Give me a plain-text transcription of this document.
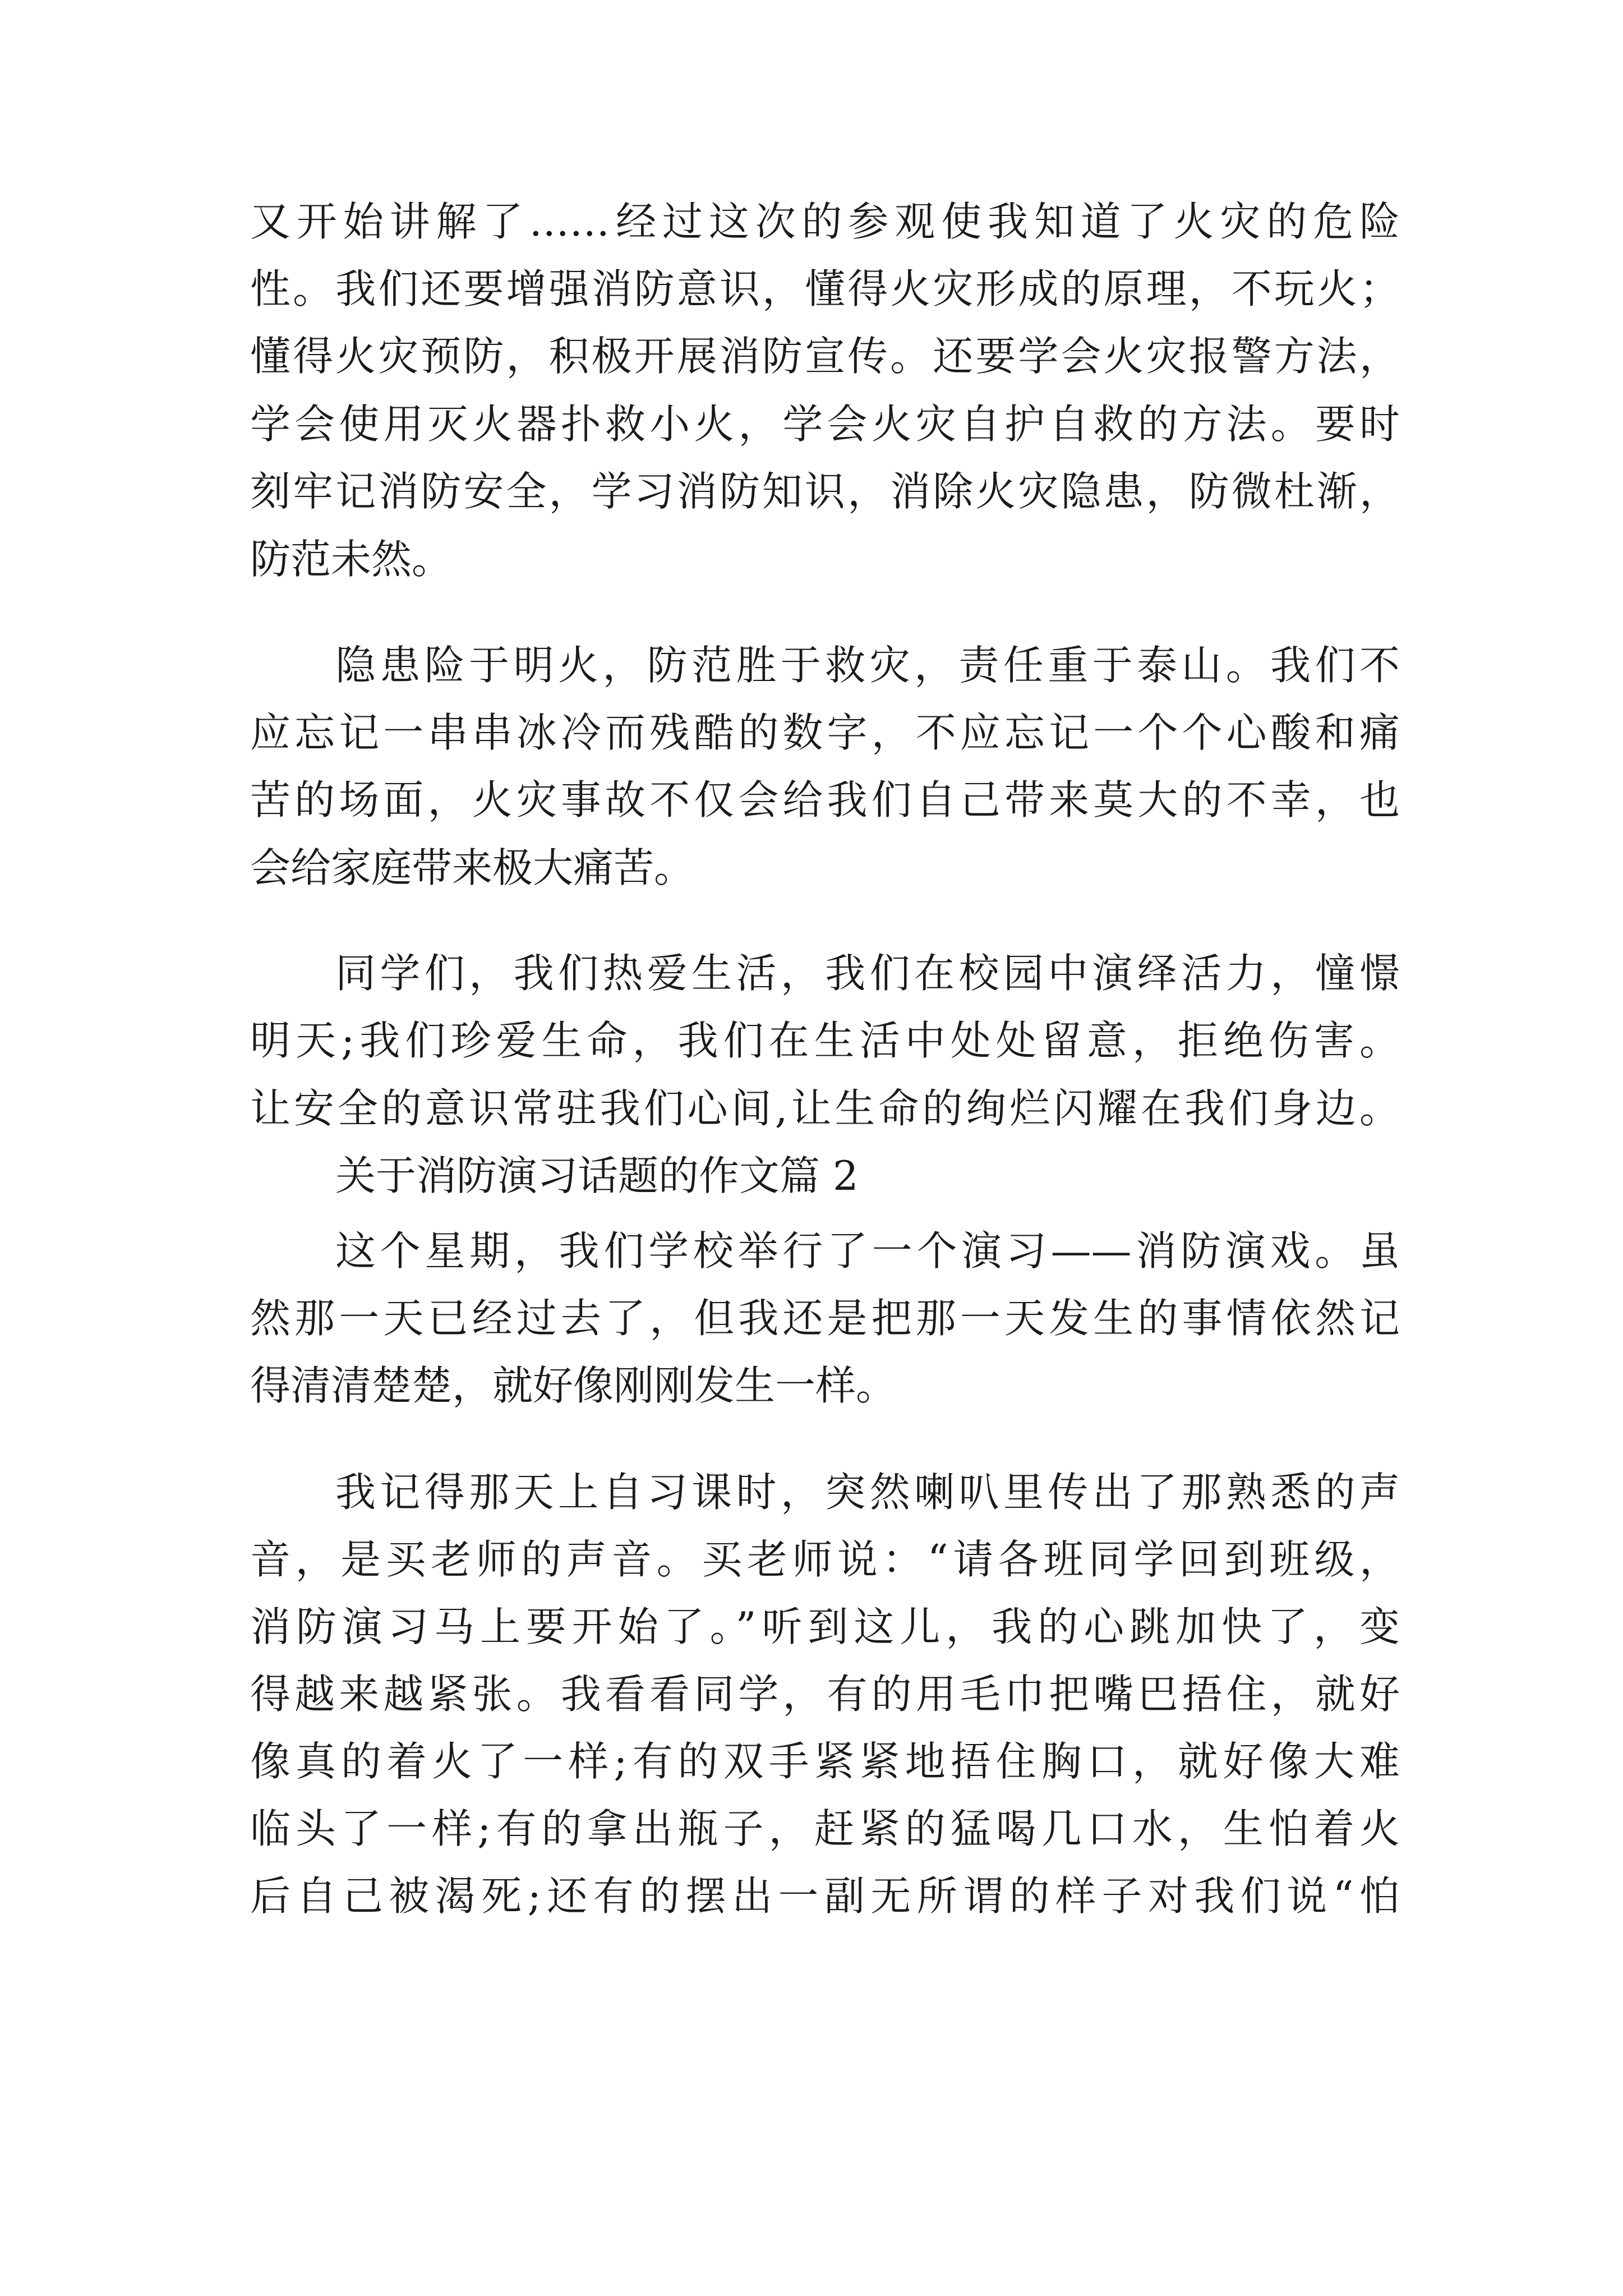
又开始讲解了……经过这次的参观使我知道了火灾的危险
性。我们还要增强消防意识，懂得火灾形成的原理，不玩火；
懂得火灾预防，积极开展消防宣传。还要学会火灾报警方法，
学会使用灭火器扑救小火，学会火灾自护自救的方法。要时
刻牢记消防安全，学习消防知识，消除火灾隐患，防微杜渐，
防范未然。
隐患险于明火，防范胜于救灾，责任重于泰山。我们不
应忘记一串串冰冷而残酷的数字，不应忘记一个个心酸和痛
苦的场面，火灾事故不仅会给我们自己带来莫大的不幸，也
会给家庭带来极大痛苦。
同学们，我们热爱生活，我们在校园中演绎活力，憧憬
明天;我们珍爱生命，我们在生活中处处留意，拒绝伤害。
让安全的意识常驻我们心间,让生命的绚烂闪耀在我们身边。
关于消防演习话题的作文篇 2
这个星期，我们学校举行了一个演习——消防演戏。虽
然那一天已经过去了，但我还是把那一天发生的事情依然记
得清清楚楚，就好像刚刚发生一样。
我记得那天上自习课时，突然喇叭里传出了那熟悉的声
音，是买老师的声音。买老师说：“请各班同学回到班级，
消防演习马上要开始了。”听到这儿，我的心跳加快了，变
得越来越紧张。我看看同学，有的用毛巾把嘴巴捂住，就好
像真的着火了一样;有的双手紧紧地捂住胸口，就好像大难
临头了一样;有的拿出瓶子，赶紧的猛喝几口水，生怕着火
后自己被渴死;还有的摆出一副无所谓的样子对我们说“怕
